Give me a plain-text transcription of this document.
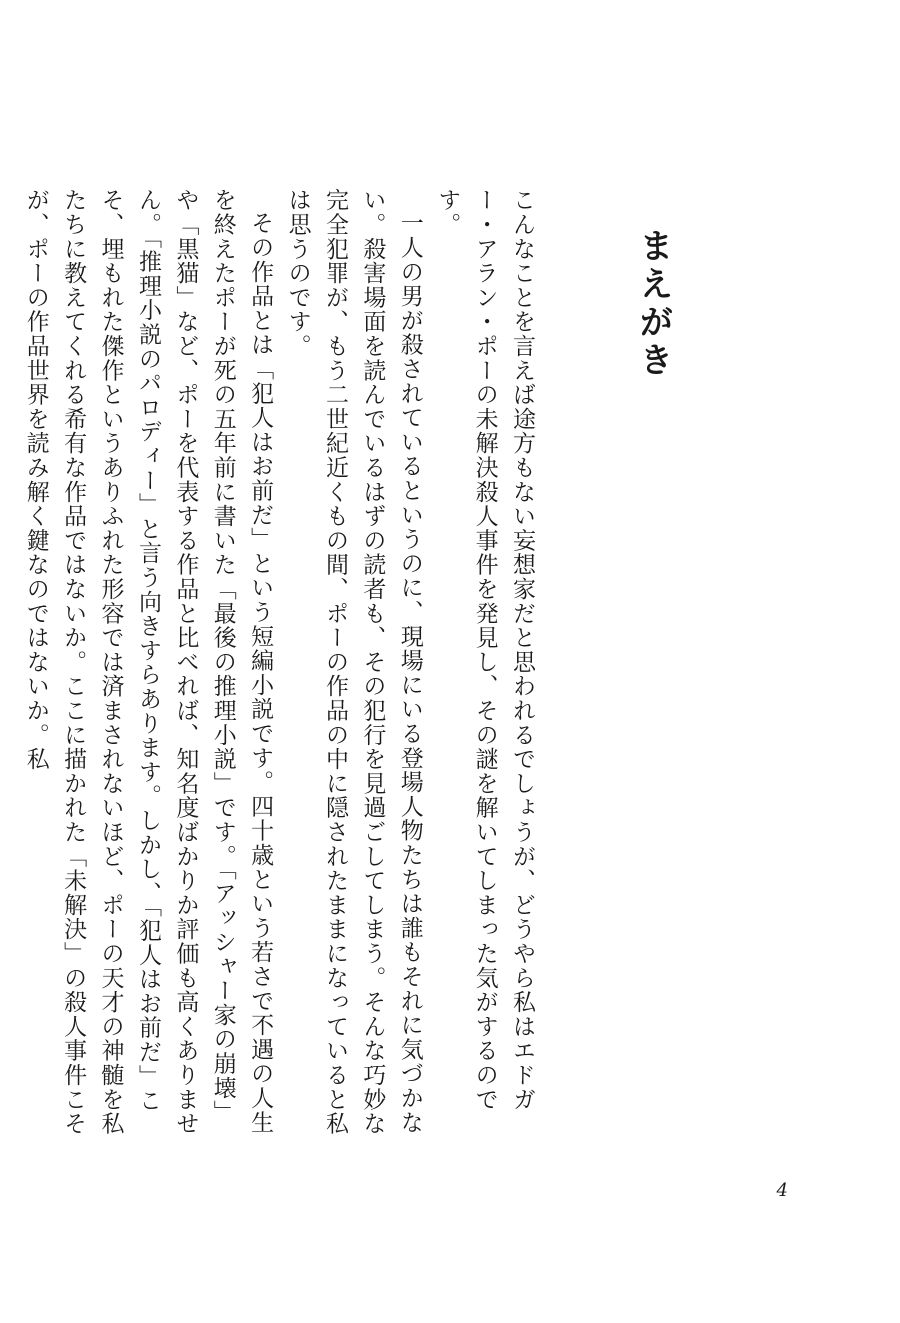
まえがき

こんなことを言えば途方もない妄想家だと思われるでしょうが、どうやら私はエドガー・アラン・ポーの未解決殺人事件を発見し、その謎を解いてしまった気がするのです。

一人の男が殺されているというのに、現場にいる登場人物たちは誰もそれに気づかない。殺害場面を読んでいるはずの読者も、その犯行を見過ごしてしまう。そんな巧妙な完全犯罪が、もう二世紀近くもの間、ポーの作品の中に隠されたままになっていると私は思うのです。

その作品とは「犯人はお前だ」という短編小説です。四十歳という若さで不遇の人生を終えたポーが死の五年前に書いた「最後の推理小説」です。「アッシャー家の崩壊」や「黒猫」など、ポーを代表する作品と比べれば、知名度ばかりか評価も高くありません。「推理小説のパロディー」と言う向きすらあります。しかし、「犯人はお前だ」こそ、埋もれた傑作というありふれた形容では済まされないほど、ポーの天才の神髄を私たちに教えてくれる希有な作品ではないか。ここに描かれた「未解決」の殺人事件こそが、ポーの作品世界を読み解く鍵なのではないか。私

4
